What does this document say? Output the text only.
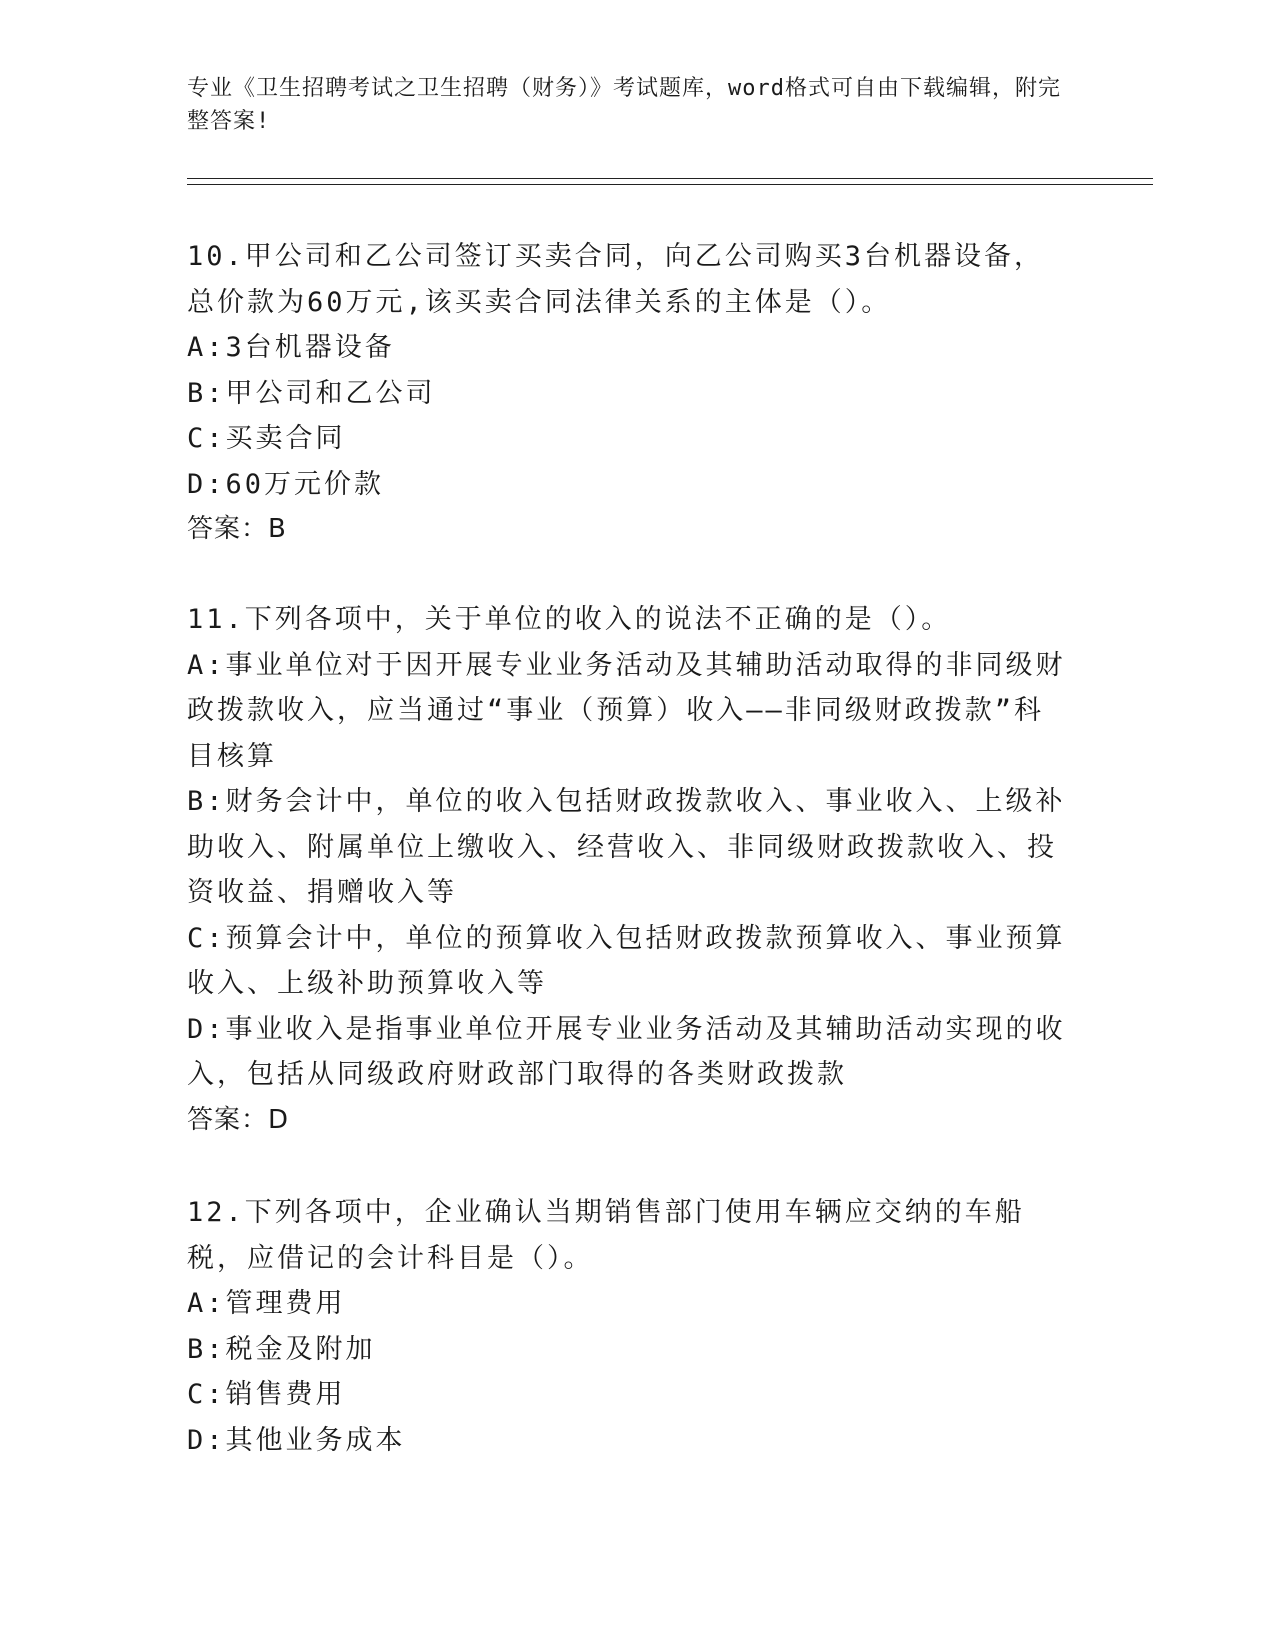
专业《卫生招聘考试之卫生招聘（财务）》考试题库，word格式可自由下载编辑，附完整答案!

10.甲公司和乙公司签订买卖合同，向乙公司购买3台机器设备，总价款为60万元,该买卖合同法律关系的主体是（）。

A:3台机器设备

B:甲公司和乙公司

C:买卖合同

D:60万元价款

答案：B

11.下列各项中，关于单位的收入的说法不正确的是（）。

A:事业单位对于因开展专业业务活动及其辅助活动取得的非同级财政拨款收入，应当通过“事业（预算）收入——非同级财政拨款”科目核算

B:财务会计中，单位的收入包括财政拨款收入、事业收入、上级补助收入、附属单位上缴收入、经营收入、非同级财政拨款收入、投资收益、捐赠收入等

C:预算会计中，单位的预算收入包括财政拨款预算收入、事业预算收入、上级补助预算收入等

D:事业收入是指事业单位开展专业业务活动及其辅助活动实现的收入，包括从同级政府财政部门取得的各类财政拨款

答案：D

12.下列各项中，企业确认当期销售部门使用车辆应交纳的车船税，应借记的会计科目是（）。

A:管理费用

B:税金及附加

C:销售费用

D:其他业务成本
